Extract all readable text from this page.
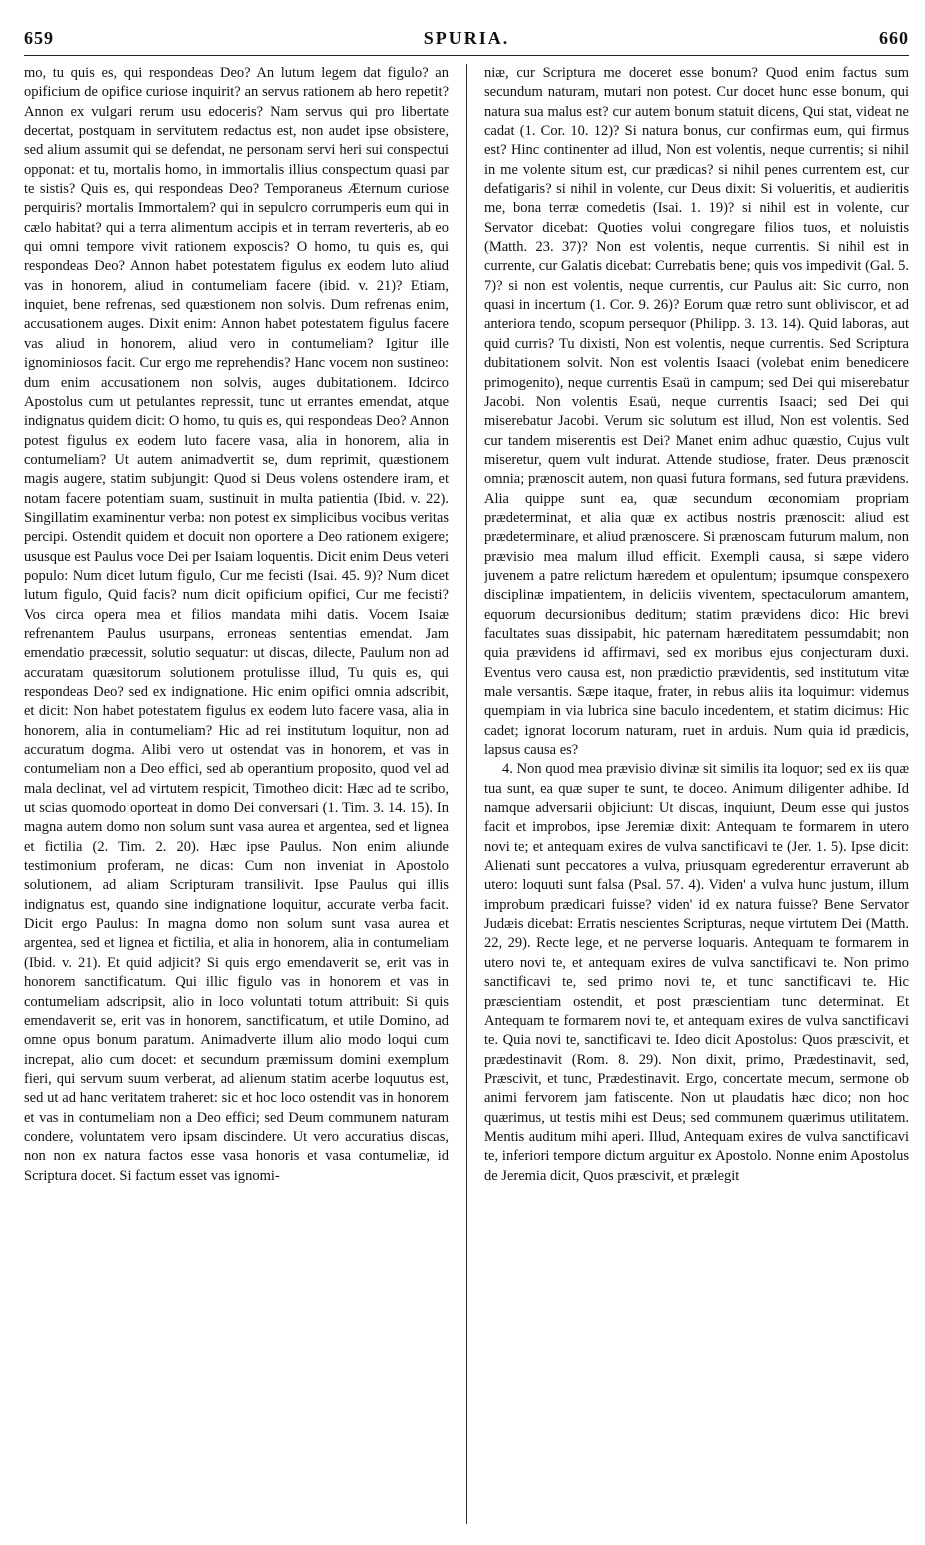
659	SPURIA.	660

mo, tu quis es, qui respondeas Deo? An lutum legem dat figulo? an opificium de opifice curiose inquirit? an servus rationem ab hero repetit? Annon ex vulgari rerum usu edoceris? Nam servus qui pro libertate decertat, postquam in servitutem redactus est, non audet ipse obsistere, sed alium assumit qui se defendat, ne personam servi heri sui conspectui opponat: et tu, mortalis homo, in immortalis illius conspectum quasi par te sistis? Quis es, qui respondeas Deo? Temporaneus Æternum curiose perquiris? mortalis Immortalem? qui in sepulcro corrumperis eum qui in cælo habitat? qui a terra alimentum accipis et in terram reverteris, ab eo qui omni tempore vivit rationem exposcis? O homo, tu quis es, qui respondeas Deo? Annon habet potestatem figulus ex eodem luto aliud vas in honorem, aliud in contumeliam facere (ibid. v. 21)? Etiam, inquiet, bene refrenas, sed quæstionem non solvis. Dum refrenas enim, accusationem auges. Dixit enim: Annon habet potestatem figulus facere vas aliud in honorem, aliud vero in contumeliam? Igitur ille ignominiosos facit. Cur ergo me reprehendis? Hanc vocem non sustineo: dum enim accusationem non solvis, auges dubitationem. Idcirco Apostolus cum ut petulantes repressit, tunc ut errantes emendat, atque indignatus quidem dicit: O homo, tu quis es, qui respondeas Deo? Annon potest figulus ex eodem luto facere vasa, alia in honorem, alia in contumeliam? Ut autem animadvertit se, dum reprimit, quæstionem magis augere, statim subjungit: Quod si Deus volens ostendere iram, et notam facere potentiam suam, sustinuit in multa patientia (Ibid. v. 22). Singillatim examinentur verba: non potest ex simplicibus vocibus veritas percipi. Ostendit quidem et docuit non oportere a Deo rationem exigere; ususque est Paulus voce Dei per Isaiam loquentis. Dicit enim Deus veteri populo: Num dicet lutum figulo, Cur me fecisti (Isai. 45. 9)? Num dicet lutum figulo, Quid facis? num dicit opificium opifici, Cur me fecisti? Vos circa opera mea et filios mandata mihi datis. Vocem Isaiæ refrenantem Paulus usurpans, erroneas sententias emendat. Jam emendatio præcessit, solutio sequatur: ut discas, dilecte, Paulum non ad accuratam quæsitorum solutionem protulisse illud, Tu quis es, qui respondeas Deo? sed ex indignatione. Hic enim opifici omnia adscribit, et dicit: Non habet potestatem figulus ex eodem luto facere vasa, alia in honorem, alia in contumeliam? Hic ad rei institutum loquitur, non ad accuratum dogma. Alibi vero ut ostendat vas in honorem, et vas in contumeliam non a Deo effici, sed ab operantium proposito, quod vel ad mala declinat, vel ad virtutem respicit, Timotheo dicit: Hæc ad te scribo, ut scias quomodo oporteat in domo Dei conversari (1. Tim. 3. 14. 15). In magna autem domo non solum sunt vasa aurea et argentea, sed et lignea et fictilia (2. Tim. 2. 20). Hæc ipse Paulus. Non enim aliunde testimonium proferam, ne dicas: Cum non inveniat in Apostolo solutionem, ad aliam Scripturam transilivit. Ipse Paulus qui illis indignatus est, quando sine indignatione loquitur, accurate verba facit. Dicit ergo Paulus: In magna domo non solum sunt vasa aurea et argentea, sed et lignea et fictilia, et alia in honorem, alia in contumeliam (Ibid. v. 21). Et quid adjicit? Si quis ergo emendaverit se, erit vas in honorem sanctificatum. Qui illic figulo vas in honorem et vas in contumeliam adscripsit, alio in loco voluntati totum attribuit: Si quis emendaverit se, erit vas in honorem, sanctificatum, et utile Domino, ad omne opus bonum paratum. Animadverte illum alio modo loqui cum increpat, alio cum docet: et secundum præmissum domini exemplum fieri, qui servum suum verberat, ad alienum statim acerbe loquutus est, sed ut ad hanc veritatem traheret: sic et hoc loco ostendit vas in honorem et vas in contumeliam non a Deo effici; sed Deum communem naturam condere, voluntatem vero ipsam discindere. Ut vero accuratius discas, non non ex natura factos esse vasa honoris et vasa contumeliæ, id Scriptura docet. Si factum esset vas ignomi-

niæ, cur Scriptura me doceret esse bonum? Quod enim factus sum secundum naturam, mutari non potest. Cur docet hunc esse bonum, qui natura sua malus est? cur autem bonum statuit dicens, Qui stat, videat ne cadat (1. Cor. 10. 12)? Si natura bonus, cur confirmas eum, qui firmus est? Hinc continenter ad illud, Non est volentis, neque currentis; si nihil in me volente situm est, cur prædicas? si nihil penes currentem est, cur defatigaris? si nihil in volente, cur Deus dixit: Si volueritis, et audieritis me, bona terræ comedetis (Isai. 1. 19)? si nihil est in volente, cur Servator dicebat: Quoties volui congregare filios tuos, et noluistis (Matth. 23. 37)? Non est volentis, neque currentis. Si nihil est in currente, cur Galatis dicebat: Currebatis bene; quis vos impedivit (Gal. 5. 7)? si non est volentis, neque currentis, cur Paulus ait: Sic curro, non quasi in incertum (1. Cor. 9. 26)? Eorum quæ retro sunt obliviscor, et ad anteriora tendo, scopum persequor (Philipp. 3. 13. 14). Quid laboras, aut quid curris? Tu dixisti, Non est volentis, neque currentis. Sed Scriptura dubitationem solvit. Non est volentis Isaaci (volebat enim benedicere primogenito), neque currentis Esaü in campum; sed Dei qui miserebatur Jacobi. Non volentis Esaü, neque currentis Isaaci; sed Dei qui miserebatur Jacobi. Verum sic solutum est illud, Non est volentis. Sed cur tandem miserentis est Dei? Manet enim adhuc quæstio, Cujus vult miseretur, quem vult indurat. Attende studiose, frater. Deus prænoscit omnia; prænoscit autem, non quasi futura formans, sed futura prævidens. Alia quippe sunt ea, quæ secundum œconomiam propriam prædeterminat, et alia quæ ex actibus nostris prænoscit: aliud est prædeterminare, et aliud prænoscere. Si prænoscam futurum malum, non prævisio mea malum illud efficit. Exempli causa, si sæpe videro juvenem a patre relictum hæredem et opulentum; ipsumque conspexero disciplinæ impatientem, in deliciis viventem, spectaculorum amantem, equorum decursionibus deditum; statim prævidens dico: Hic brevi facultates suas dissipabit, hic paternam hæreditatem pessumdabit; non quia prævidens id affirmavi, sed ex moribus ejus conjecturam duxi. Eventus vero causa est, non prædictio prævidentis, sed institutum vitæ male versantis. Sæpe itaque, frater, in rebus aliis ita loquimur: videmus quempiam in via lubrica sine baculo incedentem, et statim dicimus: Hic cadet; ignorat locorum naturam, ruet in arduis. Num quia id prædicis, lapsus causa es?

4. Non quod mea prævisio divinæ sit similis ita loquor; sed ex iis quæ tua sunt, ea quæ super te sunt, te doceo. Animum diligenter adhibe. Id namque adversarii objiciunt: Ut discas, inquiunt, Deum esse qui justos facit et improbos, ipse Jeremiæ dixit: Antequam te formarem in utero novi te; et antequam exires de vulva sanctificavi te (Jer. 1. 5). Ipse dicit: Alienati sunt peccatores a vulva, priusquam egrederentur erraverunt ab utero: loquuti sunt falsa (Psal. 57. 4). Viden' a vulva hunc justum, illum improbum prædicari fuisse? viden' id ex natura fuisse? Bene Servator Judæis dicebat: Erratis nescientes Scripturas, neque virtutem Dei (Matth. 22, 29). Recte lege, et ne perverse loquaris. Antequam te formarem in utero novi te, et antequam exires de vulva sanctificavi te. Non primo sanctificavi te, sed primo novi te, et tunc sanctificavi te. Hic præscientiam ostendit, et post præscientiam tunc determinat. Et Antequam te formarem novi te, et antequam exires de vulva sanctificavi te. Quia novi te, sanctificavi te. Ideo dicit Apostolus: Quos præscivit, et prædestinavit (Rom. 8. 29). Non dixit, primo, Prædestinavit, sed, Præscivit, et tunc, Prædestinavit. Ergo, concertate mecum, sermone ob animi fervorem jam fatiscente. Non ut plaudatis hæc dico; non hoc quærimus, ut testis mihi est Deus; sed communem quærimus utilitatem. Mentis auditum mihi aperi. Illud, Antequam exires de vulva sanctificavi te, inferiori tempore dictum arguitur ex Apostolo. Nonne enim Apostolus de Jeremia dicit, Quos præscivit, et prælegit
